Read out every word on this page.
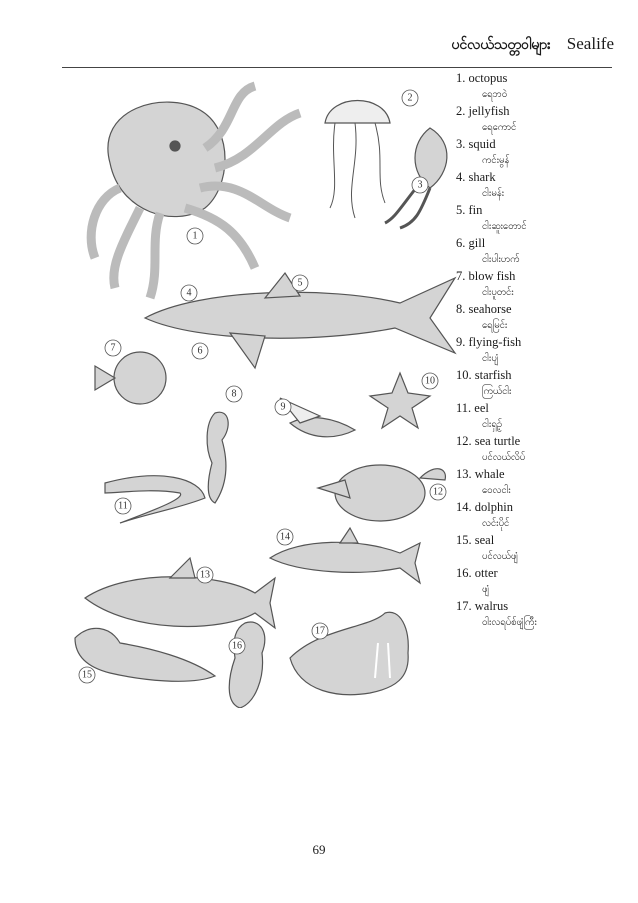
ပင်လယ်သတ္တဝါများ Sealife
1
2
3
4
5
6
7
8
9
10
11
12
13
14
15
16
17
1. octopus
ရေဘဝဲ
2. jellyfish
ရေကောင်
3. squid
ကင်းမွန်
4. shark
ငါးမန်း
5. fin
ငါးဆူးတောင်
6. gill
ငါးပါးဟက်
7. blow fish
ငါးပူတင်း
8. seahorse
ရေမြင်း
9. flying-fish
ငါးပျံ
10. starfish
ကြယ်ငါး
11. eel
ငါးရှဉ့်
12. sea turtle
ပင်လယ်လိပ်
13. whale
ဝေလငါး
14. dolphin
လင်းပိုင်
15. seal
ပင်လယ်ဖျံ
16. otter
ဖျံ
17. walrus
ဝါးလရပ်စ်ဖျံကြီး
69
